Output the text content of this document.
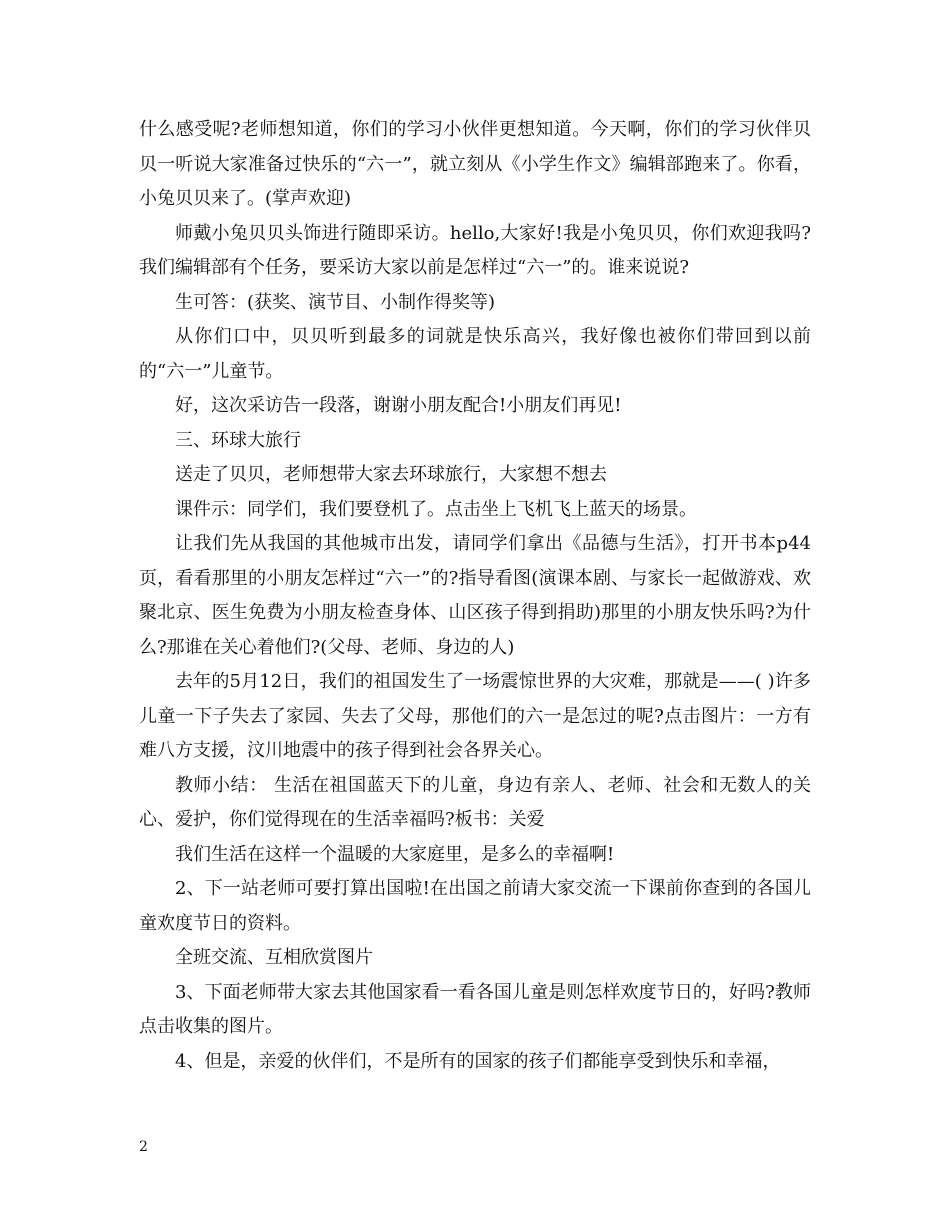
什么感受呢?老师想知道，你们的学习小伙伴更想知道。今天啊，你们的学习伙伴贝贝一听说大家准备过快乐的“六一”，就立刻从《小学生作文》编辑部跑来了。你看，小兔贝贝来了。(掌声欢迎)

师戴小兔贝贝头饰进行随即采访。hello,大家好!我是小兔贝贝，你们欢迎我吗?我们编辑部有个任务，要采访大家以前是怎样过“六一”的。谁来说说?

生可答：(获奖、演节目、小制作得奖等)

从你们口中，贝贝听到最多的词就是快乐高兴，我好像也被你们带回到以前的“六一”儿童节。

好，这次采访告一段落，谢谢小朋友配合!小朋友们再见!

三、环球大旅行

送走了贝贝，老师想带大家去环球旅行，大家想不想去

课件示：同学们，我们要登机了。点击坐上飞机飞上蓝天的场景。

让我们先从我国的其他城市出发，请同学们拿出《品德与生活》，打开书本p44页，看看那里的小朋友怎样过“六一”的?指导看图(演课本剧、与家长一起做游戏、欢聚北京、医生免费为小朋友检查身体、山区孩子得到捐助)那里的小朋友快乐吗?为什么?那谁在关心着他们?(父母、老师、身边的人)

去年的5月12日，我们的祖国发生了一场震惊世界的大灾难，那就是——( )许多儿童一下子失去了家园、失去了父母，那他们的六一是怎过的呢?点击图片：一方有难八方支援，汶川地震中的孩子得到社会各界关心。

教师小结： 生活在祖国蓝天下的儿童，身边有亲人、老师、社会和无数人的关心、爱护，你们觉得现在的生活幸福吗?板书：关爱

我们生活在这样一个温暖的大家庭里，是多么的幸福啊!

2、下一站老师可要打算出国啦!在出国之前请大家交流一下课前你查到的各国儿童欢度节日的资料。

全班交流、互相欣赏图片

3、下面老师带大家去其他国家看一看各国儿童是则怎样欢度节日的，好吗?教师点击收集的图片。

4、但是，亲爱的伙伴们，不是所有的国家的孩子们都能享受到快乐和幸福，

2
